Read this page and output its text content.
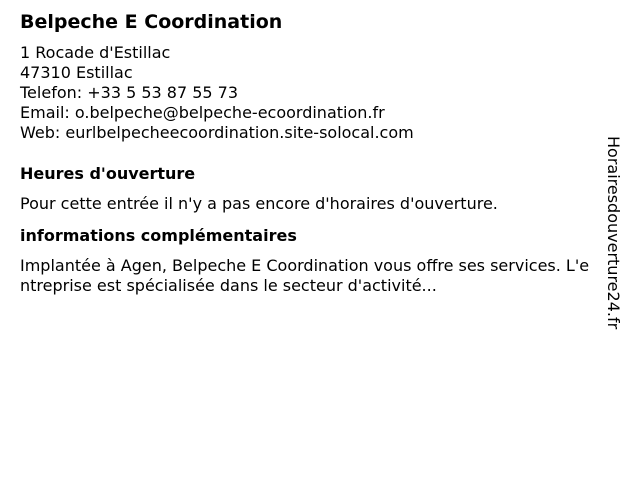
Belpeche E Coordination
1 Rocade d'Estillac
47310 Estillac
Telefon: +33 5 53 87 55 73
Email: o.belpeche@belpeche-ecoordination.fr
Web: eurlbelpecheecoordination.site-solocal.com
Heures d'ouverture

Pour cette entrée il n'y a pas encore d'horaires d'ouverture.

informations complémentaires

Implantée à Agen, Belpeche E Coordination vous offre ses services. L'entreprise est spécialisée dans le secteur d'activité...	Horairesdouverture24.fr
